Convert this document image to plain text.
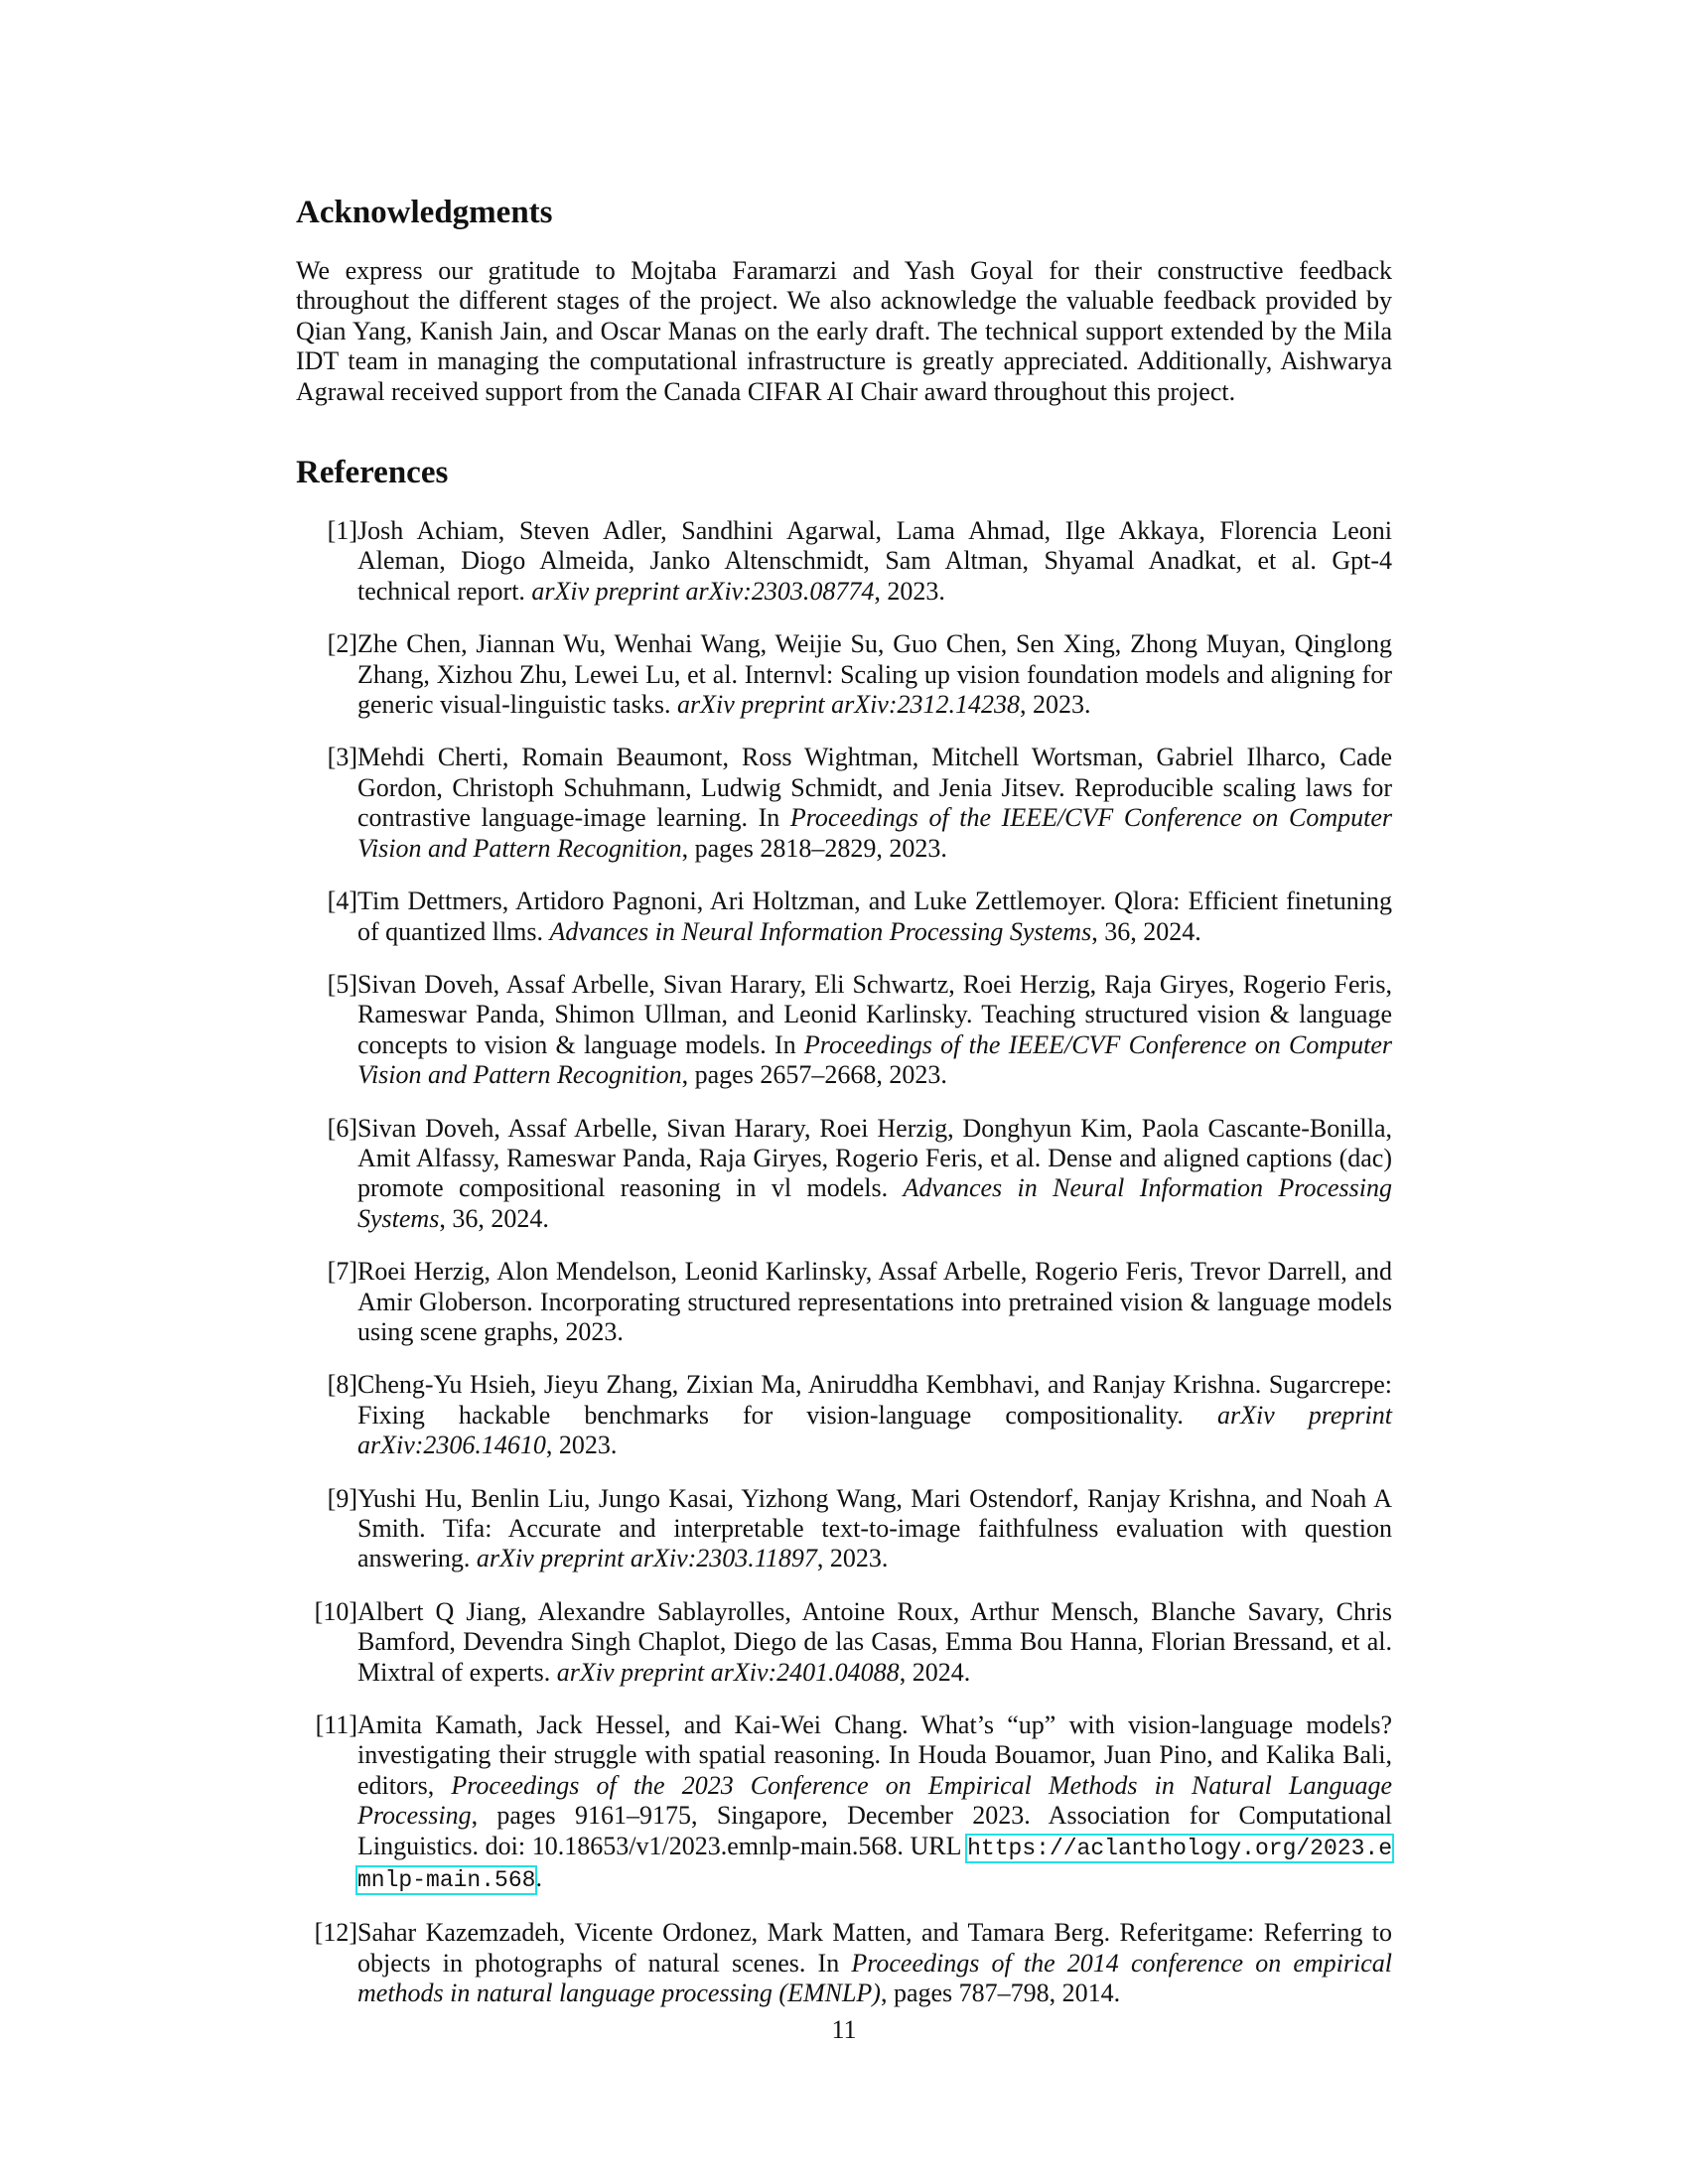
Acknowledgments

We express our gratitude to Mojtaba Faramarzi and Yash Goyal for their constructive feedback throughout the different stages of the project. We also acknowledge the valuable feedback provided by Qian Yang, Kanish Jain, and Oscar Manas on the early draft. The technical support extended by the Mila IDT team in managing the computational infrastructure is greatly appreciated. Additionally, Aishwarya Agrawal received support from the Canada CIFAR AI Chair award throughout this project.

References
[1] Josh Achiam, Steven Adler, Sandhini Agarwal, Lama Ahmad, Ilge Akkaya, Florencia Leoni Aleman, Diogo Almeida, Janko Altenschmidt, Sam Altman, Shyamal Anadkat, et al. Gpt-4 technical report. arXiv preprint arXiv:2303.08774, 2023.
[2] Zhe Chen, Jiannan Wu, Wenhai Wang, Weijie Su, Guo Chen, Sen Xing, Zhong Muyan, Qinglong Zhang, Xizhou Zhu, Lewei Lu, et al. Internvl: Scaling up vision foundation models and aligning for generic visual-linguistic tasks. arXiv preprint arXiv:2312.14238, 2023.
[3] Mehdi Cherti, Romain Beaumont, Ross Wightman, Mitchell Wortsman, Gabriel Ilharco, Cade Gordon, Christoph Schuhmann, Ludwig Schmidt, and Jenia Jitsev. Reproducible scaling laws for contrastive language-image learning. In Proceedings of the IEEE/CVF Conference on Computer Vision and Pattern Recognition, pages 2818–2829, 2023.
[4] Tim Dettmers, Artidoro Pagnoni, Ari Holtzman, and Luke Zettlemoyer. Qlora: Efficient finetuning of quantized llms. Advances in Neural Information Processing Systems, 36, 2024.
[5] Sivan Doveh, Assaf Arbelle, Sivan Harary, Eli Schwartz, Roei Herzig, Raja Giryes, Rogerio Feris, Rameswar Panda, Shimon Ullman, and Leonid Karlinsky. Teaching structured vision & language concepts to vision & language models. In Proceedings of the IEEE/CVF Conference on Computer Vision and Pattern Recognition, pages 2657–2668, 2023.
[6] Sivan Doveh, Assaf Arbelle, Sivan Harary, Roei Herzig, Donghyun Kim, Paola Cascante-Bonilla, Amit Alfassy, Rameswar Panda, Raja Giryes, Rogerio Feris, et al. Dense and aligned captions (dac) promote compositional reasoning in vl models. Advances in Neural Information Processing Systems, 36, 2024.
[7] Roei Herzig, Alon Mendelson, Leonid Karlinsky, Assaf Arbelle, Rogerio Feris, Trevor Darrell, and Amir Globerson. Incorporating structured representations into pretrained vision & language models using scene graphs, 2023.
[8] Cheng-Yu Hsieh, Jieyu Zhang, Zixian Ma, Aniruddha Kembhavi, and Ranjay Krishna. Sugarcrepe: Fixing hackable benchmarks for vision-language compositionality. arXiv preprint arXiv:2306.14610, 2023.
[9] Yushi Hu, Benlin Liu, Jungo Kasai, Yizhong Wang, Mari Ostendorf, Ranjay Krishna, and Noah A Smith. Tifa: Accurate and interpretable text-to-image faithfulness evaluation with question answering. arXiv preprint arXiv:2303.11897, 2023.
[10] Albert Q Jiang, Alexandre Sablayrolles, Antoine Roux, Arthur Mensch, Blanche Savary, Chris Bamford, Devendra Singh Chaplot, Diego de las Casas, Emma Bou Hanna, Florian Bressand, et al. Mixtral of experts. arXiv preprint arXiv:2401.04088, 2024.
[11] Amita Kamath, Jack Hessel, and Kai-Wei Chang. What’s “up” with vision-language models? investigating their struggle with spatial reasoning. In Houda Bouamor, Juan Pino, and Kalika Bali, editors, Proceedings of the 2023 Conference on Empirical Methods in Natural Language Processing, pages 9161–9175, Singapore, December 2023. Association for Computational Linguistics. doi: 10.18653/v1/2023.emnlp-main.568. URL https://aclanthology.org/2023.emnlp-main.568.
[12] Sahar Kazemzadeh, Vicente Ordonez, Mark Matten, and Tamara Berg. Referitgame: Referring to objects in photographs of natural scenes. In Proceedings of the 2014 conference on empirical methods in natural language processing (EMNLP), pages 787–798, 2014.
11
